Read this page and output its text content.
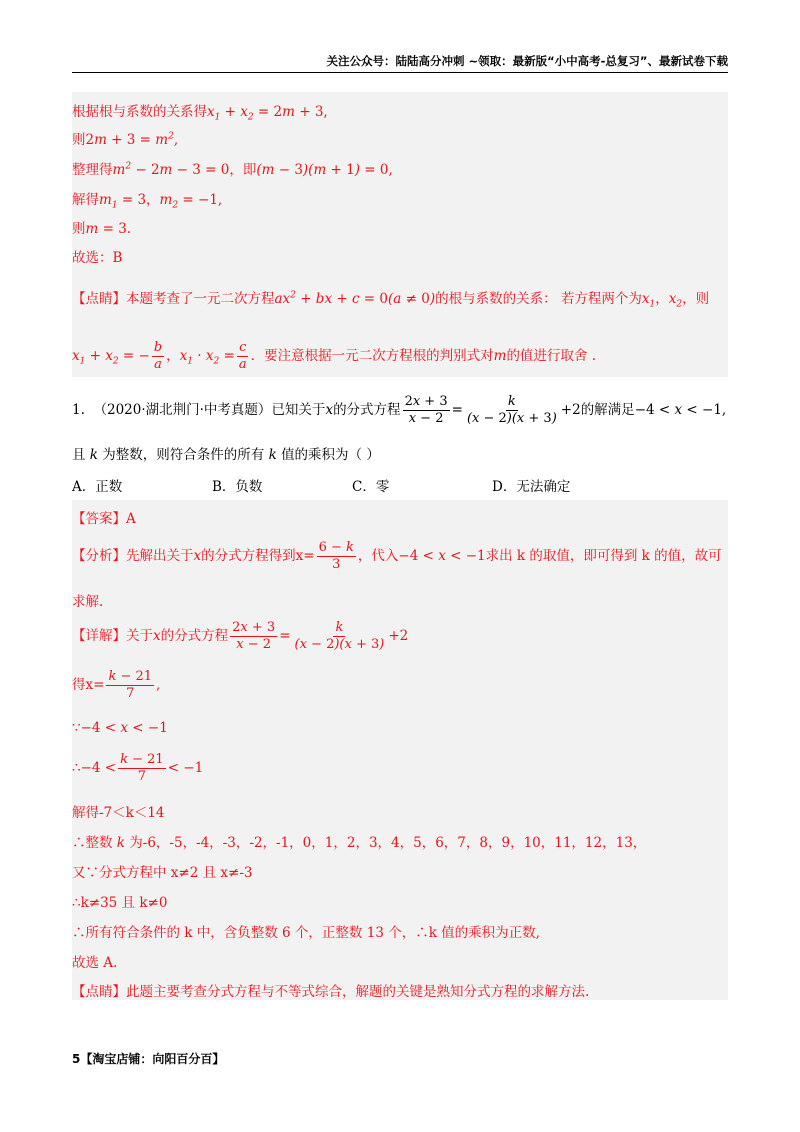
关注公众号：陆陆高分冲刺 ~领取：最新版“小中高考-总复习”、最新试卷下载
根据根与系数的关系得$x_1 + x_2 = 2m + 3$,
则$2m + 3 = m^2$,
整理得$m^2 - 2m - 3 = 0$，即(m − 3)(m + 1) = 0,
解得$m_1 = 3$，$m_2 = -1$,
则m = 3.
故选：B
【点睛】本题考查了一元二次方程$ax^2$ + bx + c = 0(a ≠ 0)的根与系数的关系： 若方程两个为$x_1$，$x_2$，则
$x_1 + x_2$ = − $\frac{b}{a}$ ，$x_1 \cdot x_2 = \frac{c}{a}$ ．要注意根据一元二次方程根的判别式对m的值进行取舍 .
1. （2020·湖北荆门·中考真题）已知关于x的分式方程 $\frac{2x + 3}{x - 2} = \frac{k}{(x - 2)(x + 3)} +2$的解满足−4 < x < −1,
且 k 为整数，则符合条件的所有 k 值的乘积为（ ）
A．正数	B．负数	C．零	D．无法确定
【答案】A
【分析】先解出关于x的分式方程得到$x= \frac{6 - k}{3}$ ，代入−4 < x < −1求出 k 的取值，即可得到 k 的值，故可
求解.
【详解】关于x的分式方程 $\frac{2x + 3}{x - 2} = \frac{k}{(x - 2)(x + 3)} +2$
得$x= \frac{k - 21}{7}$ ,
∵−4 < x < −1
∴−4 < $\frac{k - 21}{7} < -1$
解得-7＜k＜14
∴整数 k 为-6，-5，-4，-3，-2，-1，0，1，2，3，4，5，6，7，8，9，10，11，12，13，
又∵分式方程中 x≠2 且 x≠-3
∴k≠35 且 k≠0
∴所有符合条件的 k 中，含负整数 6 个，正整数 13 个，∴k 值的乘积为正数,
故选 A.
【点睛】此题主要考查分式方程与不等式综合，解题的关键是熟知分式方程的求解方法.
5【淘宝店铺：向阳百分百】
